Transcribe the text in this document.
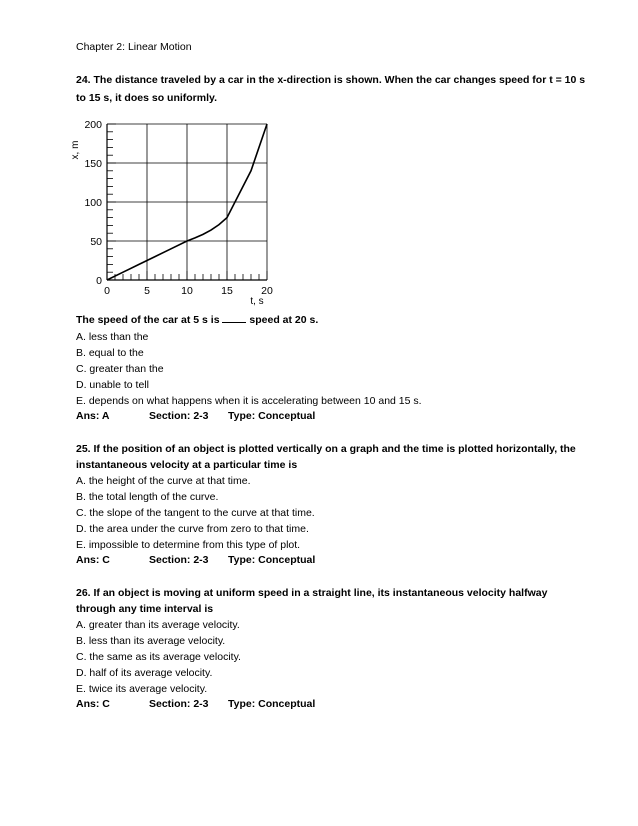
Chapter 2: Linear Motion
24. The distance traveled by a car in the x-direction is shown. When the car changes speed for t = 10 s
to 15 s, it does so uniformly.
0	5	10	15	20
0
50
100
150
200
t, s
x, m
The speed of the car at 5 s is	speed at 20 s.
A. less than the
B. equal to the
C. greater than the
D. unable to tell
E. depends on what happens when it is accelerating between 10 and 15 s.
Ans: A	Section: 2-3 Type: Conceptual
25. If the position of an object is plotted vertically on a graph and the time is plotted horizontally, the
instantaneous velocity at a particular time is
A. the height of the curve at that time.
B. the total length of the curve.
C. the slope of the tangent to the curve at that time.
D. the area under the curve from zero to that time.
E. impossible to determine from this type of plot.
Ans: C	Section: 2-3 Type: Conceptual
26. If an object is moving at uniform speed in a straight line, its instantaneous velocity halfway
through any time interval is
A. greater than its average velocity.
B. less than its average velocity.
C. the same as its average velocity.
D. half of its average velocity.
E. twice its average velocity.
Ans: C	Section: 2-3 Type: Conceptual
